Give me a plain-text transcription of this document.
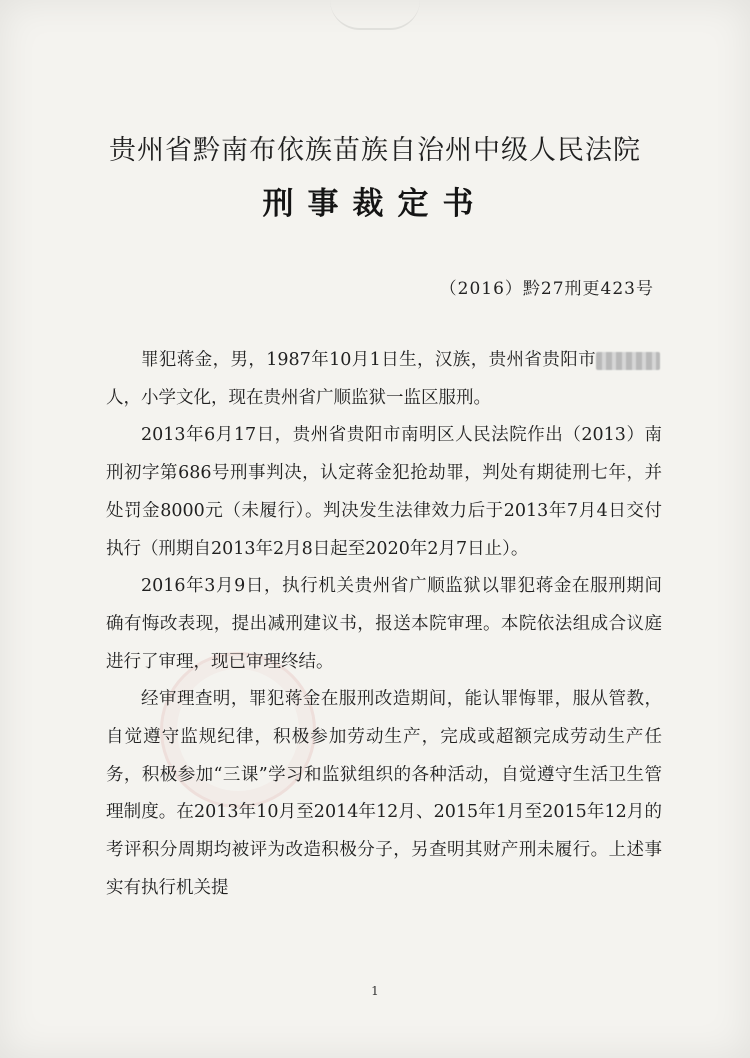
贵州省黔南布依族苗族自治州中级人民法院
刑事裁定书
（2016）黔27刑更423号

罪犯蒋金，男，1987年10月1日生，汉族，贵州省贵阳市人，小学文化，现在贵州省广顺监狱一监区服刑。

2013年6月17日，贵州省贵阳市南明区人民法院作出（2013）南刑初字第686号刑事判决，认定蒋金犯抢劫罪，判处有期徒刑七年，并处罚金8000元（未履行）。判决发生法律效力后于2013年7月4日交付执行（刑期自2013年2月8日起至2020年2月7日止）。

2016年3月9日，执行机关贵州省广顺监狱以罪犯蒋金在服刑期间确有悔改表现，提出减刑建议书，报送本院审理。本院依法组成合议庭进行了审理，现已审理终结。

经审理查明，罪犯蒋金在服刑改造期间，能认罪悔罪，服从管教，自觉遵守监规纪律，积极参加劳动生产，完成或超额完成劳动生产任务，积极参加“三课”学习和监狱组织的各种活动，自觉遵守生活卫生管理制度。在2013年10月至2014年12月、2015年1月至2015年12月的考评积分周期均被评为改造积极分子，另查明其财产刑未履行。上述事实有执行机关提

1
